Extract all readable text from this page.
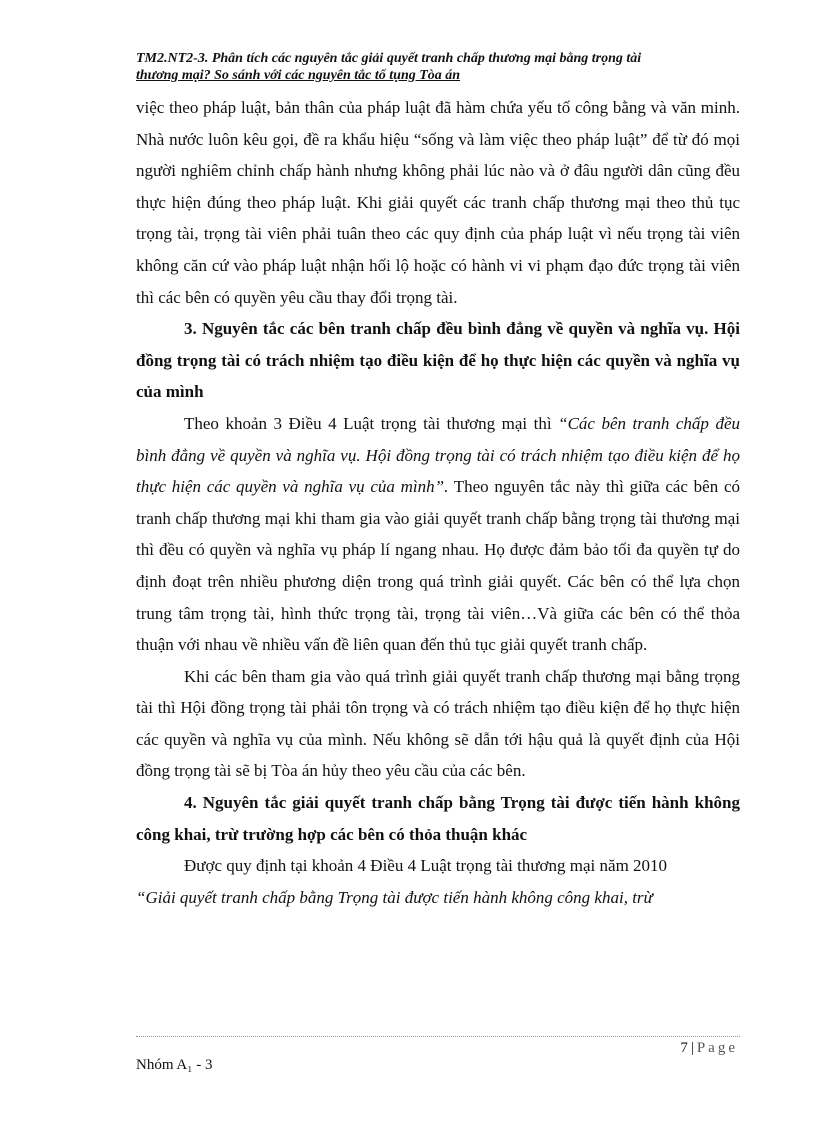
TM2.NT2-3. Phân tích các nguyên tắc giải quyết tranh chấp thương mại bằng trọng tài
thương mại? So sánh với các nguyên tắc tố tụng Tòa án

việc theo pháp luật, bản thân của pháp luật đã hàm chứa yếu tố công bằng và văn minh. Nhà nước luôn kêu gọi, đề ra khẩu hiệu “sống và làm việc theo pháp luật” để từ đó mọi người nghiêm chỉnh chấp hành nhưng không phải lúc nào và ở đâu người dân cũng đều thực hiện đúng theo pháp luật. Khi giải quyết các tranh chấp thương mại theo thủ tục trọng tài, trọng tài viên phải tuân theo các quy định của pháp luật vì nếu trọng tài viên không căn cứ vào pháp luật nhận hối lộ hoặc có hành vi vi phạm đạo đức trọng tài viên thì các bên có quyền yêu cầu thay đổi trọng tài.

3. Nguyên tắc các bên tranh chấp đều bình đẳng về quyền và nghĩa vụ. Hội đồng trọng tài có trách nhiệm tạo điều kiện để họ thực hiện các quyền và nghĩa vụ của mình

Theo khoản 3 Điều 4 Luật trọng tài thương mại thì “Các bên tranh chấp đều bình đẳng về quyền và nghĩa vụ. Hội đồng trọng tài có trách nhiệm tạo điều kiện để họ thực hiện các quyền và nghĩa vụ của mình”. Theo nguyên tắc này thì giữa các bên có tranh chấp thương mại khi tham gia vào giải quyết tranh chấp bằng trọng tài thương mại thì đều có quyền và nghĩa vụ pháp lí ngang nhau. Họ được đảm bảo tối đa quyền tự do định đoạt trên nhiều phương diện trong quá trình giải quyết. Các bên có thể lựa chọn trung tâm trọng tài, hình thức trọng tài, trọng tài viên…Và giữa các bên có thể thỏa thuận với nhau về nhiều vấn đề liên quan đến thủ tục giải quyết tranh chấp.

Khi các bên tham gia vào quá trình giải quyết tranh chấp thương mại bằng trọng tài thì Hội đồng trọng tài phải tôn trọng và có trách nhiệm tạo điều kiện để họ thực hiện các quyền và nghĩa vụ của mình. Nếu không sẽ dẫn tới hậu quả là quyết định của Hội đồng trọng tài sẽ bị Tòa án hủy theo yêu cầu của các bên.

4. Nguyên tắc giải quyết tranh chấp bằng Trọng tài được tiến hành không công khai, trừ trường hợp các bên có thỏa thuận khác

Được quy định tại khoản 4 Điều 4 Luật trọng tài thương mại năm 2010

“Giải quyết tranh chấp bằng Trọng tài được tiến hành không công khai, trừ

7 | Page
Nhóm A₁ - 3
